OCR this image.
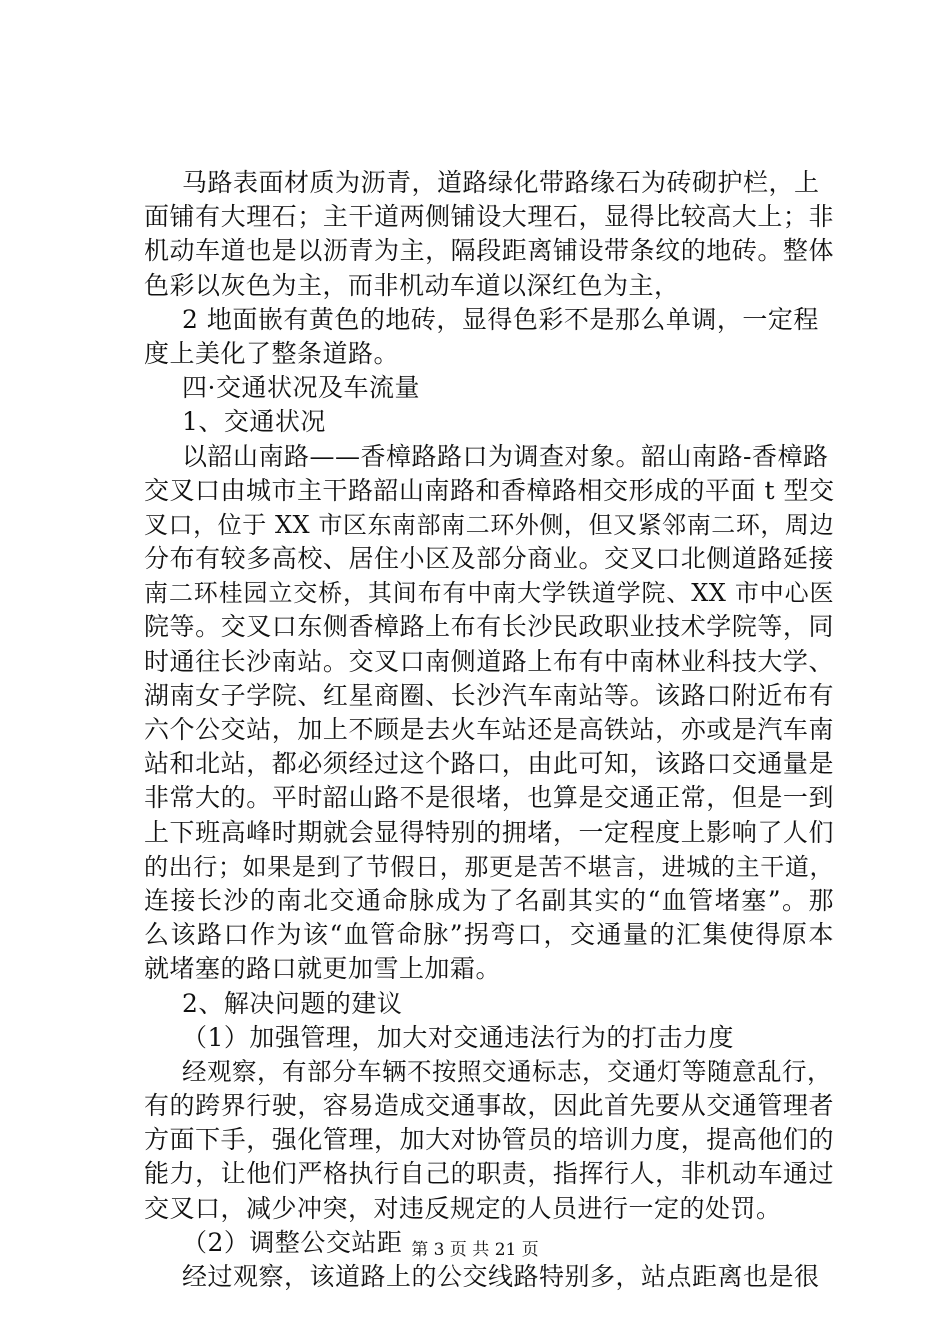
马路表面材质为沥青，道路绿化带路缘石为砖砌护栏，上
面铺有大理石；主干道两侧铺设大理石，显得比较高大上；非
机动车道也是以沥青为主，隔段距离铺设带条纹的地砖。整体
色彩以灰色为主，而非机动车道以深红色为主，
2 地面嵌有黄色的地砖，显得色彩不是那么单调，一定程
度上美化了整条道路。
四·交通状况及车流量
1、交通状况
以韶山南路——香樟路路口为调查对象。韶山南路-香樟路
交叉口由城市主干路韶山南路和香樟路相交形成的平面 t 型交
叉口，位于 XX 市区东南部南二环外侧，但又紧邻南二环，周边
分布有较多高校、居住小区及部分商业。交叉口北侧道路延接
南二环桂园立交桥，其间布有中南大学铁道学院、XX 市中心医
院等。交叉口东侧香樟路上布有长沙民政职业技术学院等，同
时通往长沙南站。交叉口南侧道路上布有中南林业科技大学、
湖南女子学院、红星商圈、长沙汽车南站等。该路口附近布有
六个公交站，加上不顾是去火车站还是高铁站，亦或是汽车南
站和北站，都必须经过这个路口，由此可知，该路口交通量是
非常大的。平时韶山路不是很堵，也算是交通正常，但是一到
上下班高峰时期就会显得特别的拥堵，一定程度上影响了人们
的出行；如果是到了节假日，那更是苦不堪言，进城的主干道，
连接长沙的南北交通命脉成为了名副其实的“血管堵塞”。那
么该路口作为该“血管命脉”拐弯口，交通量的汇集使得原本
就堵塞的路口就更加雪上加霜。
2、解决问题的建议
（1）加强管理，加大对交通违法行为的打击力度
经观察，有部分车辆不按照交通标志，交通灯等随意乱行，
有的跨界行驶，容易造成交通事故，因此首先要从交通管理者
方面下手，强化管理，加大对协管员的培训力度，提高他们的
能力，让他们严格执行自己的职责，指挥行人，非机动车通过
交叉口，减少冲突，对违反规定的人员进行一定的处罚。
（2）调整公交站距
经过观察，该道路上的公交线路特别多，站点距离也是很
第 3 页 共 21 页
